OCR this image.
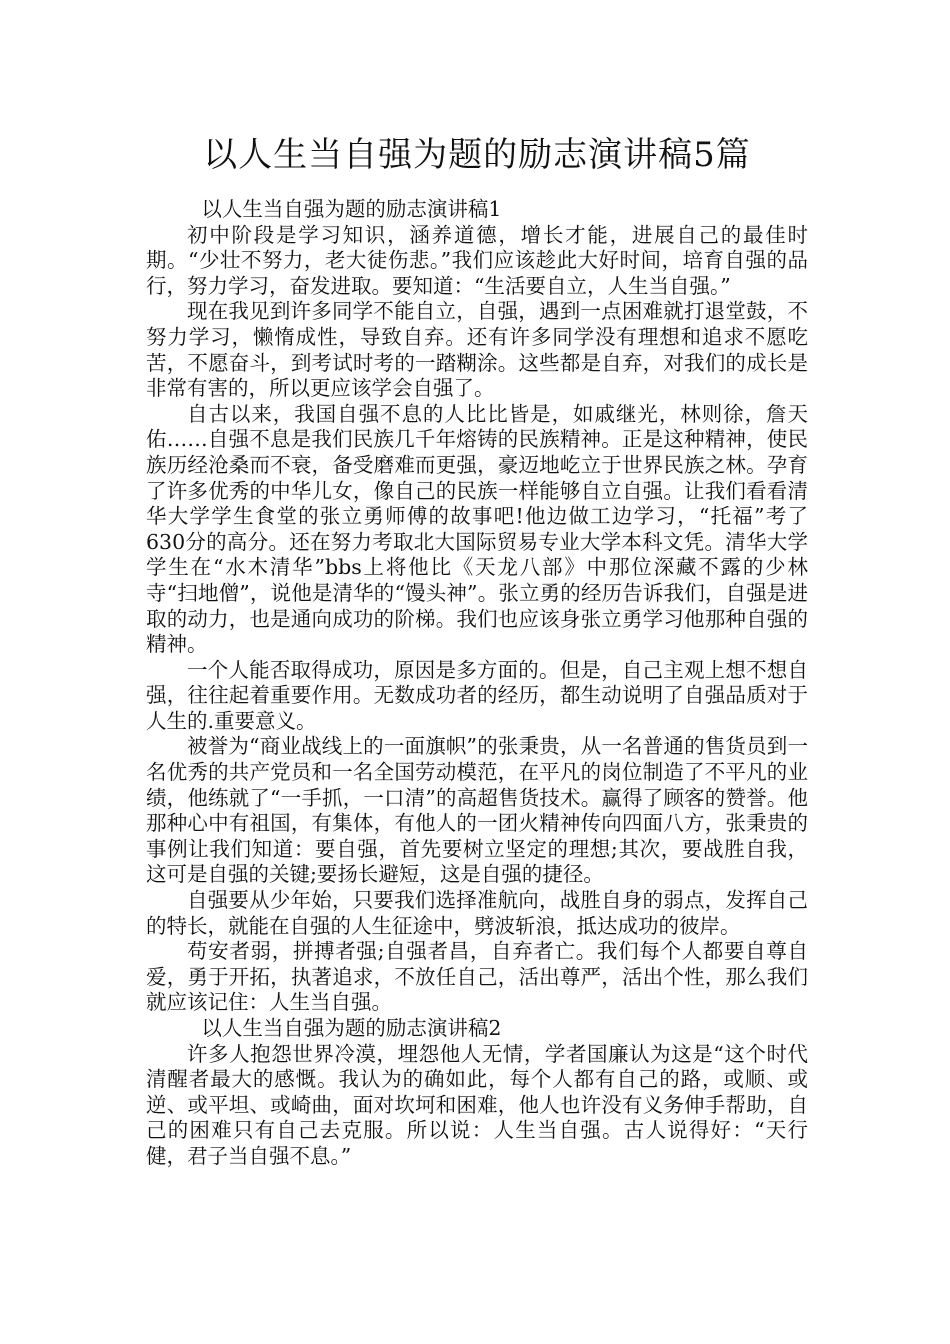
以人生当自强为题的励志演讲稿5篇

以人生当自强为题的励志演讲稿1

初中阶段是学习知识，涵养道德，增长才能，进展自己的最佳时期。“少壮不努力，老大徒伤悲。”我们应该趁此大好时间，培育自强的品行，努力学习，奋发进取。要知道：“生活要自立，人生当自强。”

现在我见到许多同学不能自立，自强，遇到一点困难就打退堂鼓，不努力学习，懒惰成性，导致自弃。还有许多同学没有理想和追求不愿吃苦，不愿奋斗，到考试时考的一踏糊涂。这些都是自弃，对我们的成长是非常有害的，所以更应该学会自强了。

自古以来，我国自强不息的人比比皆是，如戚继光，林则徐，詹天佑……自强不息是我们民族几千年熔铸的民族精神。正是这种精神，使民族历经沧桑而不衰，备受磨难而更强，豪迈地屹立于世界民族之林。孕育了许多优秀的中华儿女，像自己的民族一样能够自立自强。让我们看看清华大学学生食堂的张立勇师傅的故事吧!他边做工边学习，“托福”考了630分的高分。还在努力考取北大国际贸易专业大学本科文凭。清华大学学生在“水木清华”bbs上将他比《天龙八部》中那位深藏不露的少林寺“扫地僧”，说他是清华的“馒头神”。张立勇的经历告诉我们，自强是进取的动力，也是通向成功的阶梯。我们也应该身张立勇学习他那种自强的精神。

一个人能否取得成功，原因是多方面的。但是，自己主观上想不想自强，往往起着重要作用。无数成功者的经历，都生动说明了自强品质对于人生的.重要意义。

被誉为“商业战线上的一面旗帜”的张秉贵，从一名普通的售货员到一名优秀的共产党员和一名全国劳动模范，在平凡的岗位制造了不平凡的业绩，他练就了“一手抓，一口清”的高超售货技术。赢得了顾客的赞誉。他那种心中有祖国，有集体，有他人的一团火精神传向四面八方，张秉贵的事例让我们知道：要自强，首先要树立坚定的理想;其次，要战胜自我，这可是自强的关键;要扬长避短，这是自强的捷径。

自强要从少年始，只要我们选择准航向，战胜自身的弱点，发挥自己的特长，就能在自强的人生征途中，劈波斩浪，抵达成功的彼岸。

苟安者弱，拼搏者强;自强者昌，自弃者亡。我们每个人都要自尊自爱，勇于开拓，执著追求，不放任自己，活出尊严，活出个性，那么我们就应该记住：人生当自强。

以人生当自强为题的励志演讲稿2

许多人抱怨世界冷漠，埋怨他人无情，学者国廉认为这是“这个时代清醒者最大的感慨。我认为的确如此，每个人都有自己的路，或顺、或逆、或平坦、或崎曲，面对坎坷和困难，他人也许没有义务伸手帮助，自己的困难只有自己去克服。所以说：人生当自强。古人说得好：“天行健，君子当自强不息。”
